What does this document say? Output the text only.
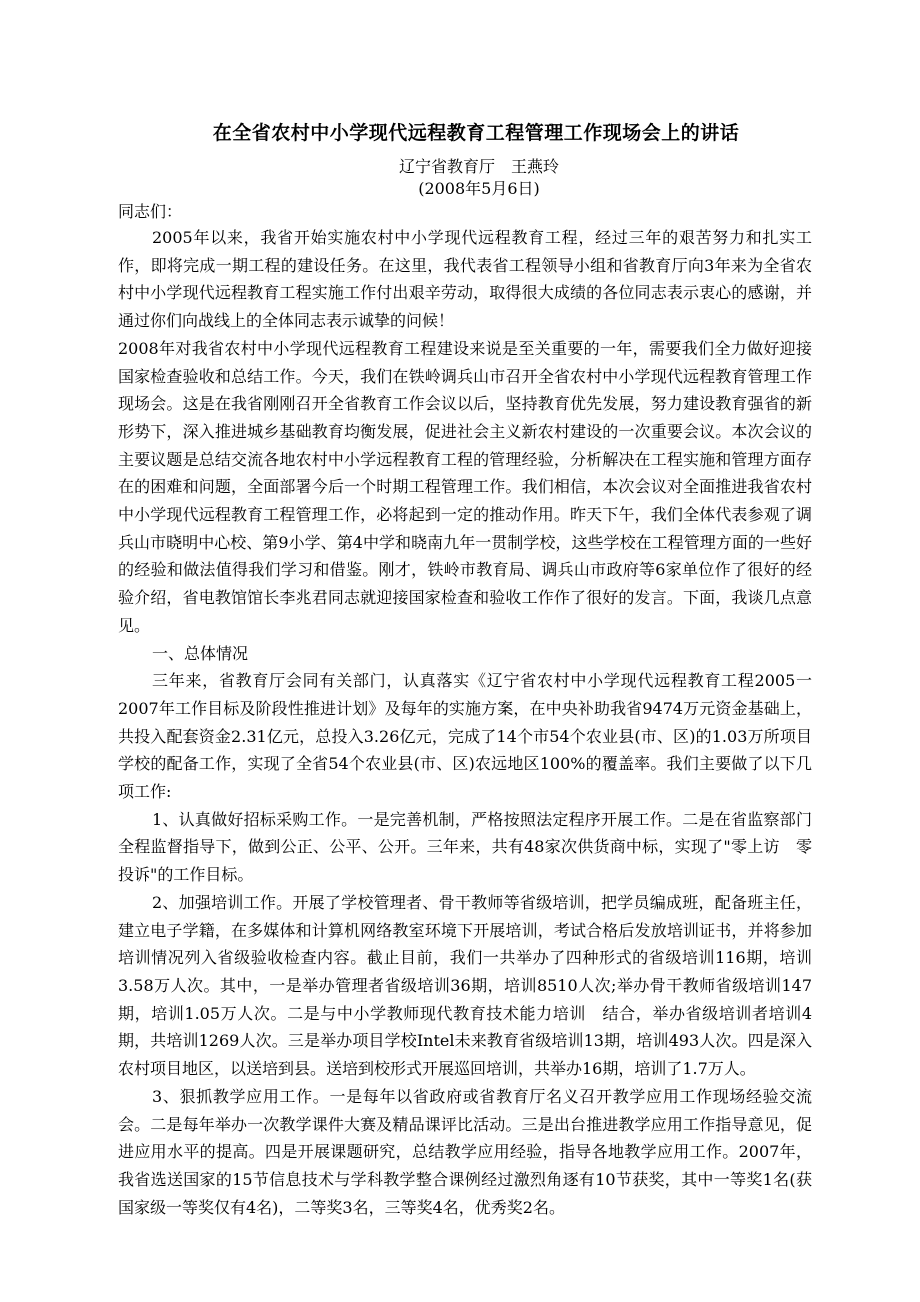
在全省农村中小学现代远程教育工程管理工作现场会上的讲话

辽宁省教育厅　王燕玲

(2008年5月6日)

同志们：

2005年以来，我省开始实施农村中小学现代远程教育工程，经过三年的艰苦努力和扎实工作，即将完成一期工程的建设任务。在这里，我代表省工程领导小组和省教育厅向3年来为全省农村中小学现代远程教育工程实施工作付出艰辛劳动，取得很大成绩的各位同志表示衷心的感谢，并通过你们向战线上的全体同志表示诚挚的问候！

2008年对我省农村中小学现代远程教育工程建设来说是至关重要的一年，需要我们全力做好迎接国家检查验收和总结工作。今天，我们在铁岭调兵山市召开全省农村中小学现代远程教育管理工作现场会。这是在我省刚刚召开全省教育工作会议以后，坚持教育优先发展，努力建设教育强省的新形势下，深入推进城乡基础教育均衡发展，促进社会主义新农村建设的一次重要会议。本次会议的主要议题是总结交流各地农村中小学远程教育工程的管理经验，分析解决在工程实施和管理方面存在的困难和问题，全面部署今后一个时期工程管理工作。我们相信，本次会议对全面推进我省农村中小学现代远程教育工程管理工作，必将起到一定的推动作用。昨天下午，我们全体代表参观了调兵山市晓明中心校、第9小学、第4中学和晓南九年一贯制学校，这些学校在工程管理方面的一些好的经验和做法值得我们学习和借鉴。刚才，铁岭市教育局、调兵山市政府等6家单位作了很好的经验介绍，省电教馆馆长李兆君同志就迎接国家检查和验收工作作了很好的发言。下面，我谈几点意见。

一、总体情况

三年来，省教育厅会同有关部门，认真落实《辽宁省农村中小学现代远程教育工程2005一2007年工作目标及阶段性推进计划》及每年的实施方案，在中央补助我省9474万元资金基础上，共投入配套资金2.31亿元，总投入3.26亿元，完成了14个市54个农业县(市、区)的1.03万所项目学校的配备工作，实现了全省54个农业县(市、区)农远地区100%的覆盖率。我们主要做了以下几项工作:

1、认真做好招标采购工作。一是完善机制，严格按照法定程序开展工作。二是在省监察部门全程监督指导下，做到公正、公平、公开。三年来，共有48家次供货商中标，实现了"零上访　零投诉"的工作目标。

2、加强培训工作。开展了学校管理者、骨干教师等省级培训，把学员编成班，配备班主任，建立电子学籍，在多媒体和计算机网络教室环境下开展培训，考试合格后发放培训证书，并将参加培训情况列入省级验收检查内容。截止目前，我们一共举办了四种形式的省级培训116期，培训3.58万人次。其中，一是举办管理者省级培训36期，培训8510人次;举办骨干教师省级培训147期，培训1.05万人次。二是与中小学教师现代教育技术能力培训　结合，举办省级培训者培训4期，共培训1269人次。三是举办项目学校Intel未来教育省级培训13期，培训493人次。四是深入农村项目地区，以送培到县。送培到校形式开展巡回培训，共举办16期，培训了1.7万人。

3、狠抓教学应用工作。一是每年以省政府或省教育厅名义召开教学应用工作现场经验交流会。二是每年举办一次教学课件大赛及精品课评比活动。三是出台推进教学应用工作指导意见，促进应用水平的提高。四是开展课题研究，总结教学应用经验，指导各地教学应用工作。2007年，我省选送国家的15节信息技术与学科教学整合课例经过激烈角逐有10节获奖，其中一等奖1名(获国家级一等奖仅有4名)，二等奖3名，三等奖4名，优秀奖2名。
